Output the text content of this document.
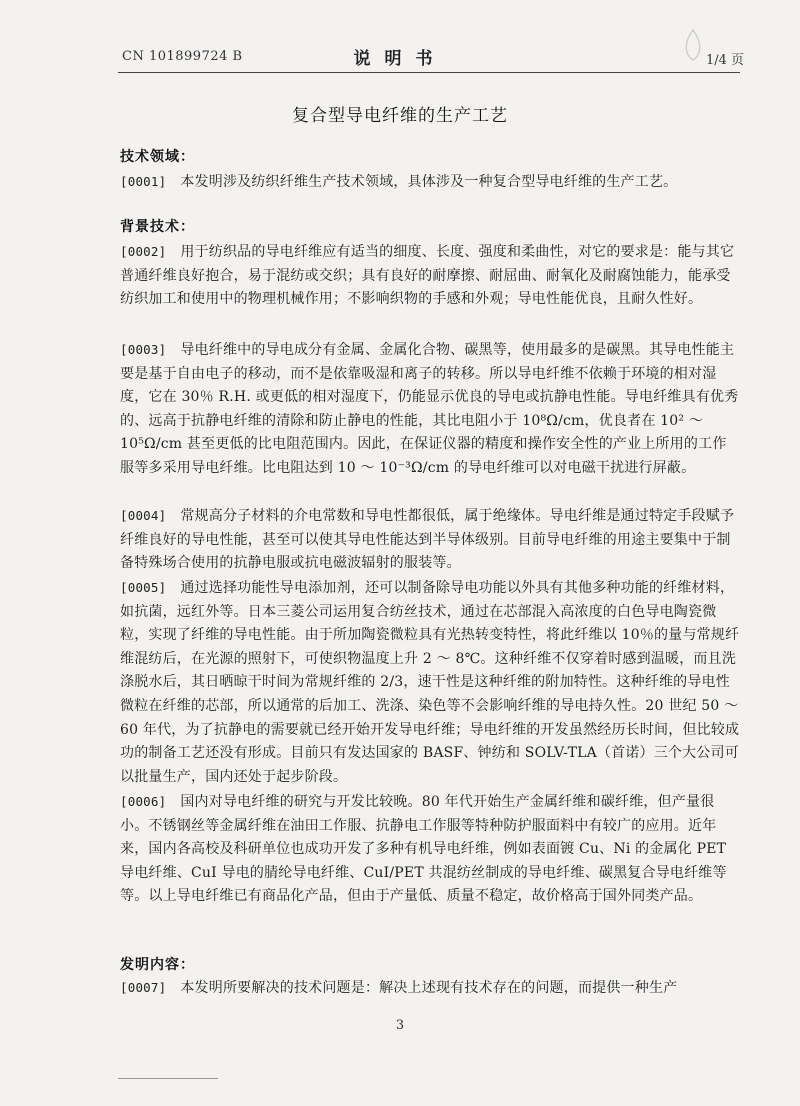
CN 101899724 B	说明书	1/4 页
复合型导电纤维的生产工艺
技术领域：
[0001] 本发明涉及纺织纤维生产技术领域，具体涉及一种复合型导电纤维的生产工艺。
背景技术：
[0002] 用于纺织品的导电纤维应有适当的细度、长度、强度和柔曲性，对它的要求是：能与其它普通纤维良好抱合，易于混纺或交织；具有良好的耐摩擦、耐屈曲、耐氧化及耐腐蚀能力，能承受纺织加工和使用中的物理机械作用；不影响织物的手感和外观；导电性能优良，且耐久性好。
[0003] 导电纤维中的导电成分有金属、金属化合物、碳黑等，使用最多的是碳黑。其导电性能主要是基于自由电子的移动，而不是依靠吸湿和离子的转移。所以导电纤维不依赖于环境的相对湿度，它在 30％ R.H. 或更低的相对湿度下，仍能显示优良的导电或抗静电性能。导电纤维具有优秀的、远高于抗静电纤维的清除和防止静电的性能，其比电阻小于 10⁸Ω/cm，优良者在 10² ～ 10⁵Ω/cm 甚至更低的比电阻范围内。因此，在保证仪器的精度和操作安全性的产业上所用的工作服等多采用导电纤维。比电阻达到 10 ～ 10⁻³Ω/cm 的导电纤维可以对电磁干扰进行屏蔽。
[0004] 常规高分子材料的介电常数和导电性都很低，属于绝缘体。导电纤维是通过特定手段赋予纤维良好的导电性能，甚至可以使其导电性能达到半导体级别。目前导电纤维的用途主要集中于制备特殊场合使用的抗静电服或抗电磁波辐射的服装等。
[0005] 通过选择功能性导电添加剂，还可以制备除导电功能以外具有其他多种功能的纤维材料，如抗菌，远红外等。日本三菱公司运用复合纺丝技术，通过在芯部混入高浓度的白色导电陶瓷微粒，实现了纤维的导电性能。由于所加陶瓷微粒具有光热转变特性，将此纤维以 10％的量与常规纤维混纺后，在光源的照射下，可使织物温度上升 2 ～ 8℃。这种纤维不仅穿着时感到温暖，而且洗涤脱水后，其日晒晾干时间为常规纤维的 2/3，速干性是这种纤维的附加特性。这种纤维的导电性微粒在纤维的芯部，所以通常的后加工、洗涤、染色等不会影响纤维的导电持久性。20 世纪 50 ～ 60 年代，为了抗静电的需要就已经开始开发导电纤维；导电纤维的开发虽然经历长时间，但比较成功的制备工艺还没有形成。目前只有发达国家的 BASF、钟纺和 SOLV-TLA（首诺）三个大公司可以批量生产，国内还处于起步阶段。
[0006] 国内对导电纤维的研究与开发比较晚。80 年代开始生产金属纤维和碳纤维，但产量很小。不锈钢丝等金属纤维在油田工作服、抗静电工作服等特种防护服面料中有较广的应用。近年来，国内各高校及科研单位也成功开发了多种有机导电纤维，例如表面镀 Cu、Ni 的金属化 PET 导电纤维、CuI 导电的腈纶导电纤维、CuI/PET 共混纺丝制成的导电纤维、碳黑复合导电纤维等等。以上导电纤维已有商品化产品，但由于产量低、质量不稳定，故价格高于国外同类产品。
发明内容：
[0007] 本发明所要解决的技术问题是：解决上述现有技术存在的问题，而提供一种生产
3
